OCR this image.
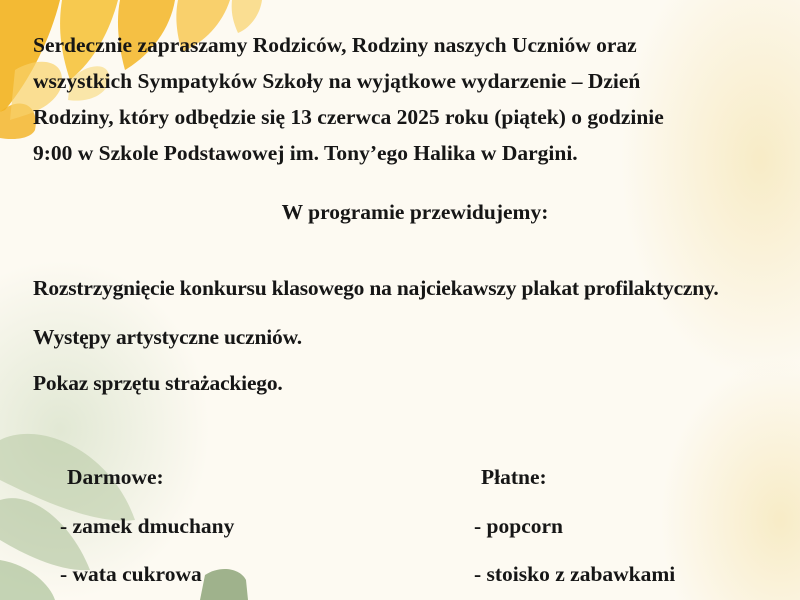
Serdecznie zapraszamy Rodziców, Rodziny naszych Uczniów oraz
wszystkich Sympatyków Szkoły na wyjątkowe wydarzenie – Dzień
Rodziny, który odbędzie się 13 czerwca 2025 roku (piątek) o godzinie
9:00 w Szkole Podstawowej im. Tony’ego Halika w Dargini.
W programie przewidujemy:
Rozstrzygnięcie konkursu klasowego na najciekawszy plakat profilaktyczny.
Występy artystyczne uczniów.
Pokaz sprzętu strażackiego.
Darmowe:	Płatne:
- zamek dmuchany
- wata cukrowa
- popcorn
- stoisko z zabawkami
